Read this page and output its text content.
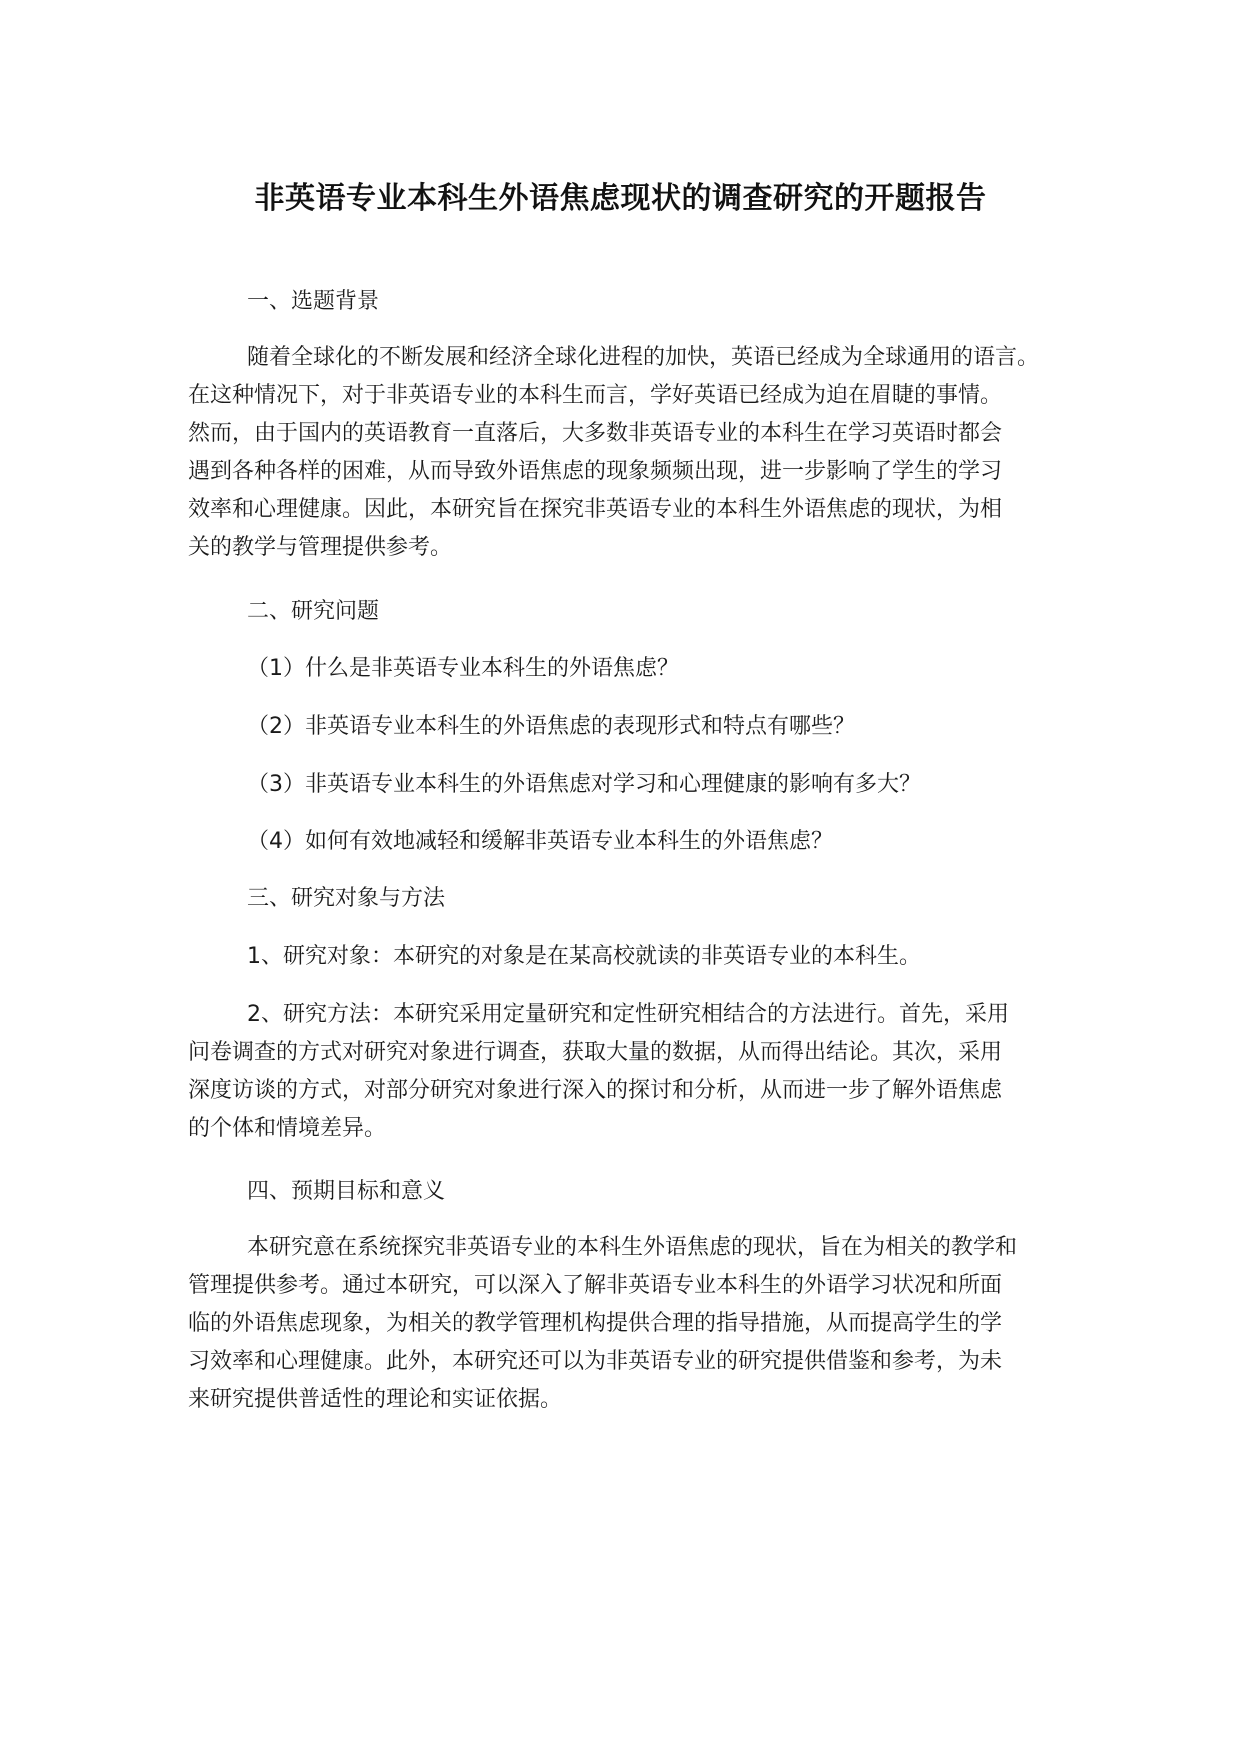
非英语专业本科生外语焦虑现状的调查研究的开题报告

一、选题背景

随着全球化的不断发展和经济全球化进程的加快，英语已经成为全球通用的语言。

在这种情况下，对于非英语专业的本科生而言，学好英语已经成为迫在眉睫的事情。

然而，由于国内的英语教育一直落后，大多数非英语专业的本科生在学习英语时都会

遇到各种各样的困难，从而导致外语焦虑的现象频频出现，进一步影响了学生的学习

效率和心理健康。因此，本研究旨在探究非英语专业的本科生外语焦虑的现状，为相

关的教学与管理提供参考。

二、研究问题

（1）什么是非英语专业本科生的外语焦虑？

（2）非英语专业本科生的外语焦虑的表现形式和特点有哪些？

（3）非英语专业本科生的外语焦虑对学习和心理健康的影响有多大？

（4）如何有效地减轻和缓解非英语专业本科生的外语焦虑？

三、研究对象与方法

1、研究对象：本研究的对象是在某高校就读的非英语专业的本科生。

2、研究方法：本研究采用定量研究和定性研究相结合的方法进行。首先，采用

问卷调查的方式对研究对象进行调查，获取大量的数据，从而得出结论。其次，采用

深度访谈的方式，对部分研究对象进行深入的探讨和分析，从而进一步了解外语焦虑

的个体和情境差异。

四、预期目标和意义

本研究意在系统探究非英语专业的本科生外语焦虑的现状，旨在为相关的教学和

管理提供参考。通过本研究，可以深入了解非英语专业本科生的外语学习状况和所面

临的外语焦虑现象，为相关的教学管理机构提供合理的指导措施，从而提高学生的学

习效率和心理健康。此外，本研究还可以为非英语专业的研究提供借鉴和参考，为未

来研究提供普适性的理论和实证依据。
